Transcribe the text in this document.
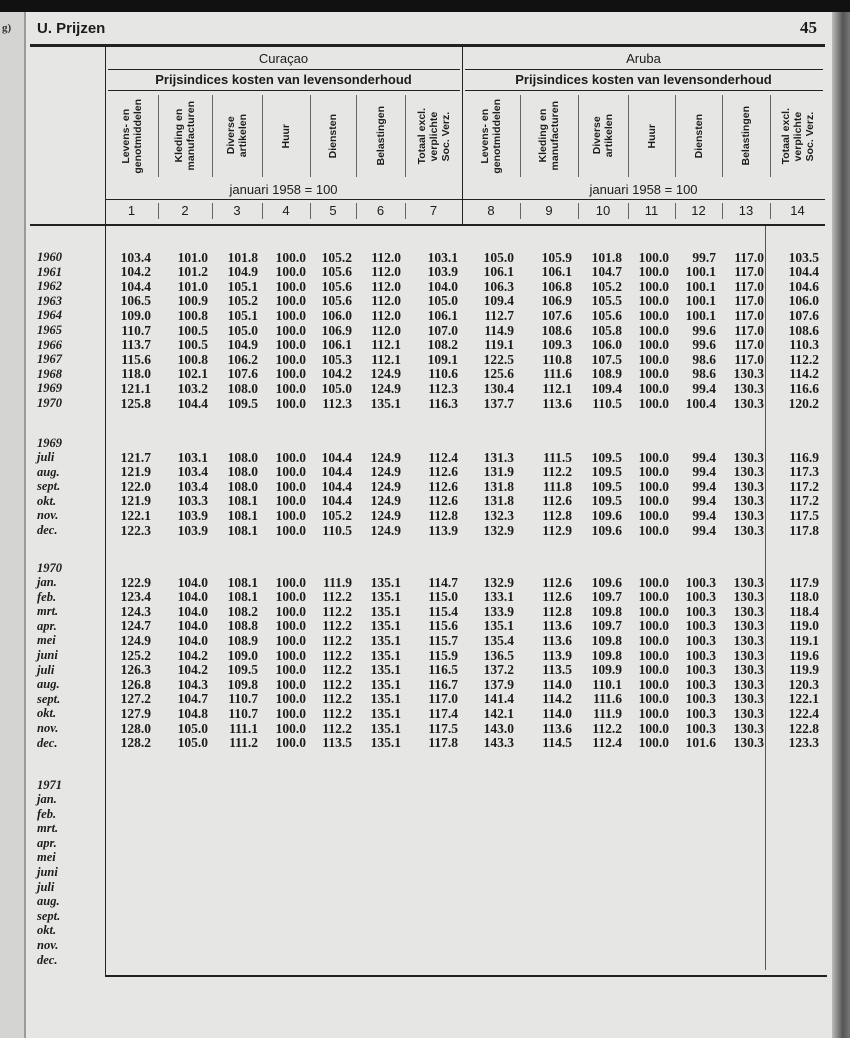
g) U. Prijzen	45
Curaçao	Aruba
Prijsindices kosten van levensonderhoud	Prijsindices kosten van levensonderhoud
januari 1958 = 100	januari 1958 = 100
Levens- en
genotmiddelen
1
Kleding en
manufacturen
2
Diverse
artikelen
3
Huur
4
Diensten
5
Belastingen
6
Totaal excl.
verplichte
Soc. Verz.
7
Levens- en
genotmiddelen
8
Kleding en
manufacturen
9
Diverse
artikelen
10
Huur
11
Diensten
12
Belastingen
13
Totaal excl.
verplichte
Soc. Verz.
14
1960	103.4	101.0	101.8	100.0	105.2	112.0	103.1	105.0	105.9	101.8	100.0	99.7	117.0	103.5
1961	104.2	101.2	104.9	100.0	105.6	112.0	103.9	106.1	106.1	104.7	100.0	100.1	117.0	104.4
1962	104.4	101.0	105.1	100.0	105.6	112.0	104.0	106.3	106.8	105.2	100.0	100.1	117.0	104.6
1963	106.5	100.9	105.2	100.0	105.6	112.0	105.0	109.4	106.9	105.5	100.0	100.1	117.0	106.0
1964	109.0	100.8	105.1	100.0	106.0	112.0	106.1	112.7	107.6	105.6	100.0	100.1	117.0	107.6
1965	110.7	100.5	105.0	100.0	106.9	112.0	107.0	114.9	108.6	105.8	100.0	99.6	117.0	108.6
1966	113.7	100.5	104.9	100.0	106.1	112.1	108.2	119.1	109.3	106.0	100.0	99.6	117.0	110.3
1967	115.6	100.8	106.2	100.0	105.3	112.1	109.1	122.5	110.8	107.5	100.0	98.6	117.0	112.2
1968	118.0	102.1	107.6	100.0	104.2	124.9	110.6	125.6	111.6	108.9	100.0	98.6	130.3	114.2
1969	121.1	103.2	108.0	100.0	105.0	124.9	112.3	130.4	112.1	109.4	100.0	99.4	130.3	116.6
1970	125.8	104.4	109.5	100.0	112.3	135.1	116.3	137.7	113.6	110.5	100.0	100.4	130.3	120.2
1969
juli	121.7	103.1	108.0	100.0	104.4	124.9	112.4	131.3	111.5	109.5	100.0	99.4	130.3	116.9
aug.	121.9	103.4	108.0	100.0	104.4	124.9	112.6	131.9	112.2	109.5	100.0	99.4	130.3	117.3
sept.	122.0	103.4	108.0	100.0	104.4	124.9	112.6	131.8	111.8	109.5	100.0	99.4	130.3	117.2
okt.	121.9	103.3	108.1	100.0	104.4	124.9	112.6	131.8	112.6	109.5	100.0	99.4	130.3	117.2
nov.	122.1	103.9	108.1	100.0	105.2	124.9	112.8	132.3	112.8	109.6	100.0	99.4	130.3	117.5
dec.	122.3	103.9	108.1	100.0	110.5	124.9	113.9	132.9	112.9	109.6	100.0	99.4	130.3	117.8
1970
jan.	122.9	104.0	108.1	100.0	111.9	135.1	114.7	132.9	112.6	109.6	100.0	100.3	130.3	117.9
feb.	123.4	104.0	108.1	100.0	112.2	135.1	115.0	133.1	112.6	109.7	100.0	100.3	130.3	118.0
mrt.	124.3	104.0	108.2	100.0	112.2	135.1	115.4	133.9	112.8	109.8	100.0	100.3	130.3	118.4
apr.	124.7	104.0	108.8	100.0	112.2	135.1	115.6	135.1	113.6	109.7	100.0	100.3	130.3	119.0
mei	124.9	104.0	108.9	100.0	112.2	135.1	115.7	135.4	113.6	109.8	100.0	100.3	130.3	119.1
juni	125.2	104.2	109.0	100.0	112.2	135.1	115.9	136.5	113.9	109.8	100.0	100.3	130.3	119.6
juli	126.3	104.2	109.5	100.0	112.2	135.1	116.5	137.2	113.5	109.9	100.0	100.3	130.3	119.9
aug.	126.8	104.3	109.8	100.0	112.2	135.1	116.7	137.9	114.0	110.1	100.0	100.3	130.3	120.3
sept.	127.2	104.7	110.7	100.0	112.2	135.1	117.0	141.4	114.2	111.6	100.0	100.3	130.3	122.1
okt.	127.9	104.8	110.7	100.0	112.2	135.1	117.4	142.1	114.0	111.9	100.0	100.3	130.3	122.4
nov.	128.0	105.0	111.1	100.0	112.2	135.1	117.5	143.0	113.6	112.2	100.0	100.3	130.3	122.8
dec.	128.2	105.0	111.2	100.0	113.5	135.1	117.8	143.3	114.5	112.4	100.0	101.6	130.3	123.3
1971
jan.
feb.
mrt.
apr.
mei
juni
juli
aug.
sept.
okt.
nov.
dec.
